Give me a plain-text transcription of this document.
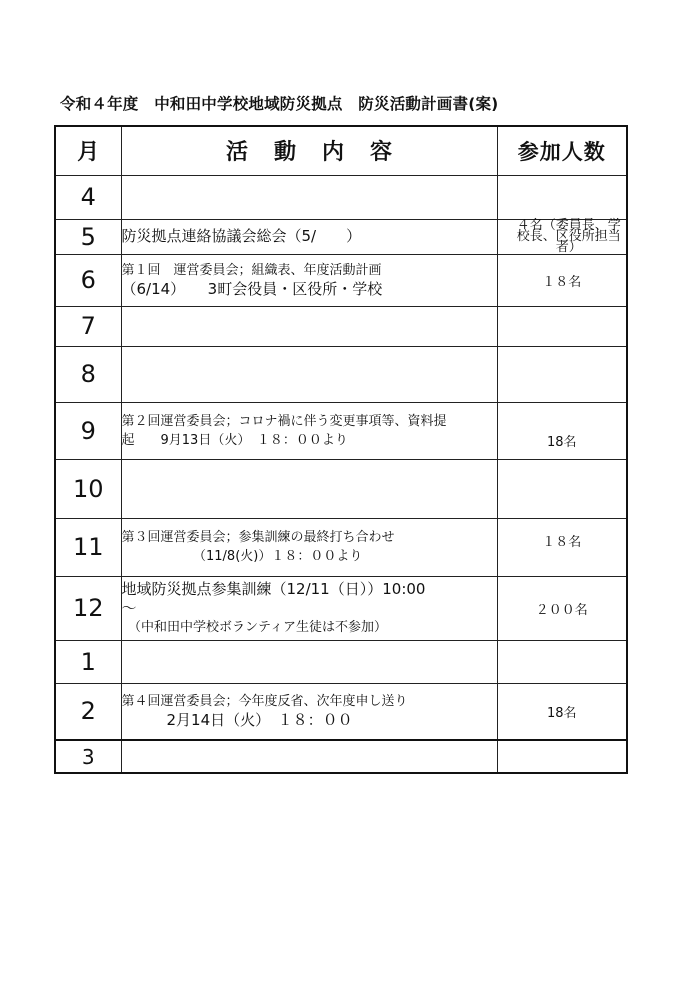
令和４年度　中和田中学校地域防災拠点　防災活動計画書(案)
月	活動内容	参加人数
4		
5	防災拠点連絡協議会総会（5/　　）	４名（委員長、学校長、区役所担当者）
6	第１回　運営委員会；組織表、年度活動計画
（6/14）　　3町会役員・区役所・学校	１８名
7		
8		
9	第２回運営委員会；コロナ禍に伴う変更事項等、資料提
起　　9月13日（火）　１８：００より	18名
10		
11	第３回運営委員会；参集訓練の最終打ち合わせ
　　　　　　（11/8(火)）１８：００より	１８名
12	地域防災拠点参集訓練（12/11（日））10:00
～
　（中和田中学校ボランティア生徒は不参加）	２００名
1		
2	第４回運営委員会；今年度反省、次年度申し送り
　　　2月14日（火）　１８：００	18名
3		
